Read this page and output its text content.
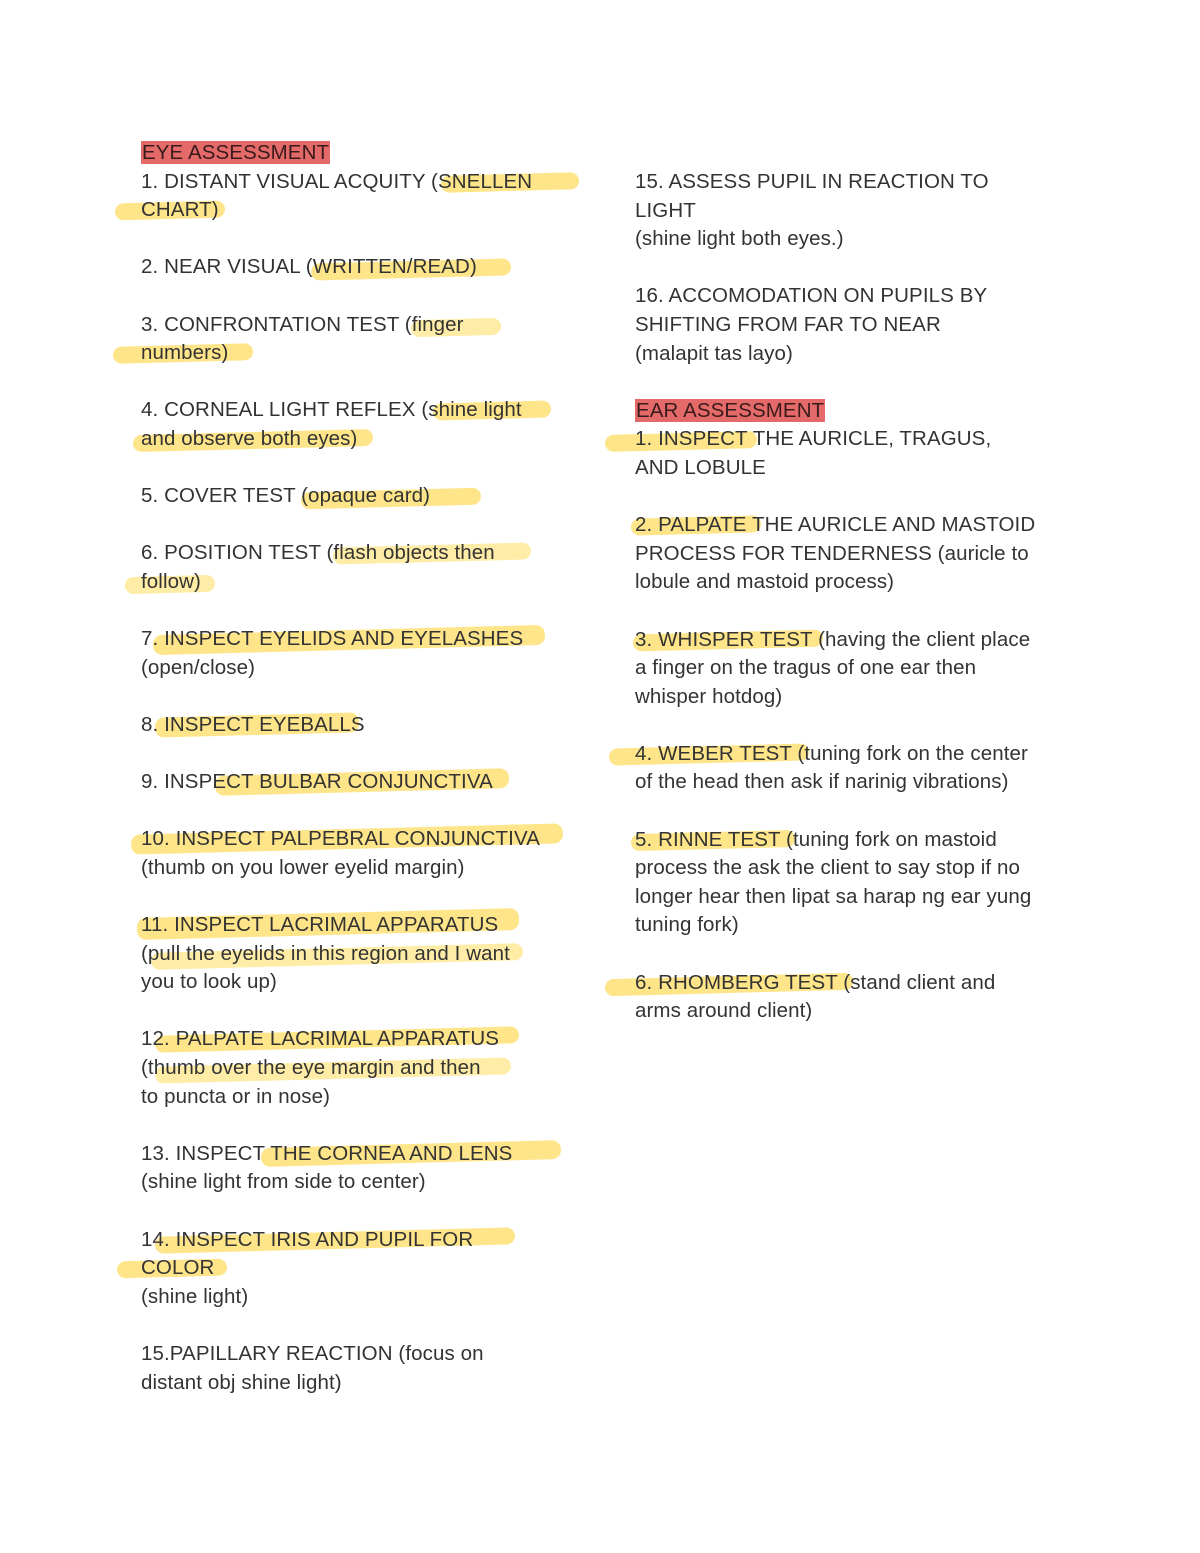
EYE ASSESSMENT
1. DISTANT VISUAL ACQUITY (SNELLEN
CHART)
2. NEAR VISUAL (WRITTEN/READ)
3. CONFRONTATION TEST (finger
numbers)
4. CORNEAL LIGHT REFLEX (shine light
and observe both eyes)
5. COVER TEST (opaque card)
6. POSITION TEST (flash objects then
follow)
7. INSPECT EYELIDS AND EYELASHES
(open/close)
8. INSPECT EYEBALLS
9. INSPECT BULBAR CONJUNCTIVA
10. INSPECT PALPEBRAL CONJUNCTIVA
(thumb on you lower eyelid margin)
11. INSPECT LACRIMAL APPARATUS
(pull the eyelids in this region and I want
you to look up)
12. PALPATE LACRIMAL APPARATUS
(thumb over the eye margin and then
to puncta or in nose)
13. INSPECT THE CORNEA AND LENS
(shine light from side to center)
14. INSPECT IRIS AND PUPIL FOR
COLOR
(shine light)
15.PAPILLARY REACTION (focus on
distant obj shine light)
15. ASSESS PUPIL IN REACTION TO
LIGHT
(shine light both eyes.)
16. ACCOMODATION ON PUPILS BY
SHIFTING FROM FAR TO NEAR
(malapit tas layo)
EAR ASSESSMENT
1. INSPECT THE AURICLE, TRAGUS,
AND LOBULE
2. PALPATE THE AURICLE AND MASTOID
PROCESS FOR TENDERNESS (auricle to
lobule and mastoid process)
3. WHISPER TEST (having the client place
a finger on the tragus of one ear then
whisper hotdog)
4. WEBER TEST (tuning fork on the center
of the head then ask if narinig vibrations)
5. RINNE TEST (tuning fork on mastoid
process the ask the client to say stop if no
longer hear then lipat sa harap ng ear yung
tuning fork)
6. RHOMBERG TEST (stand client and
arms around client)
